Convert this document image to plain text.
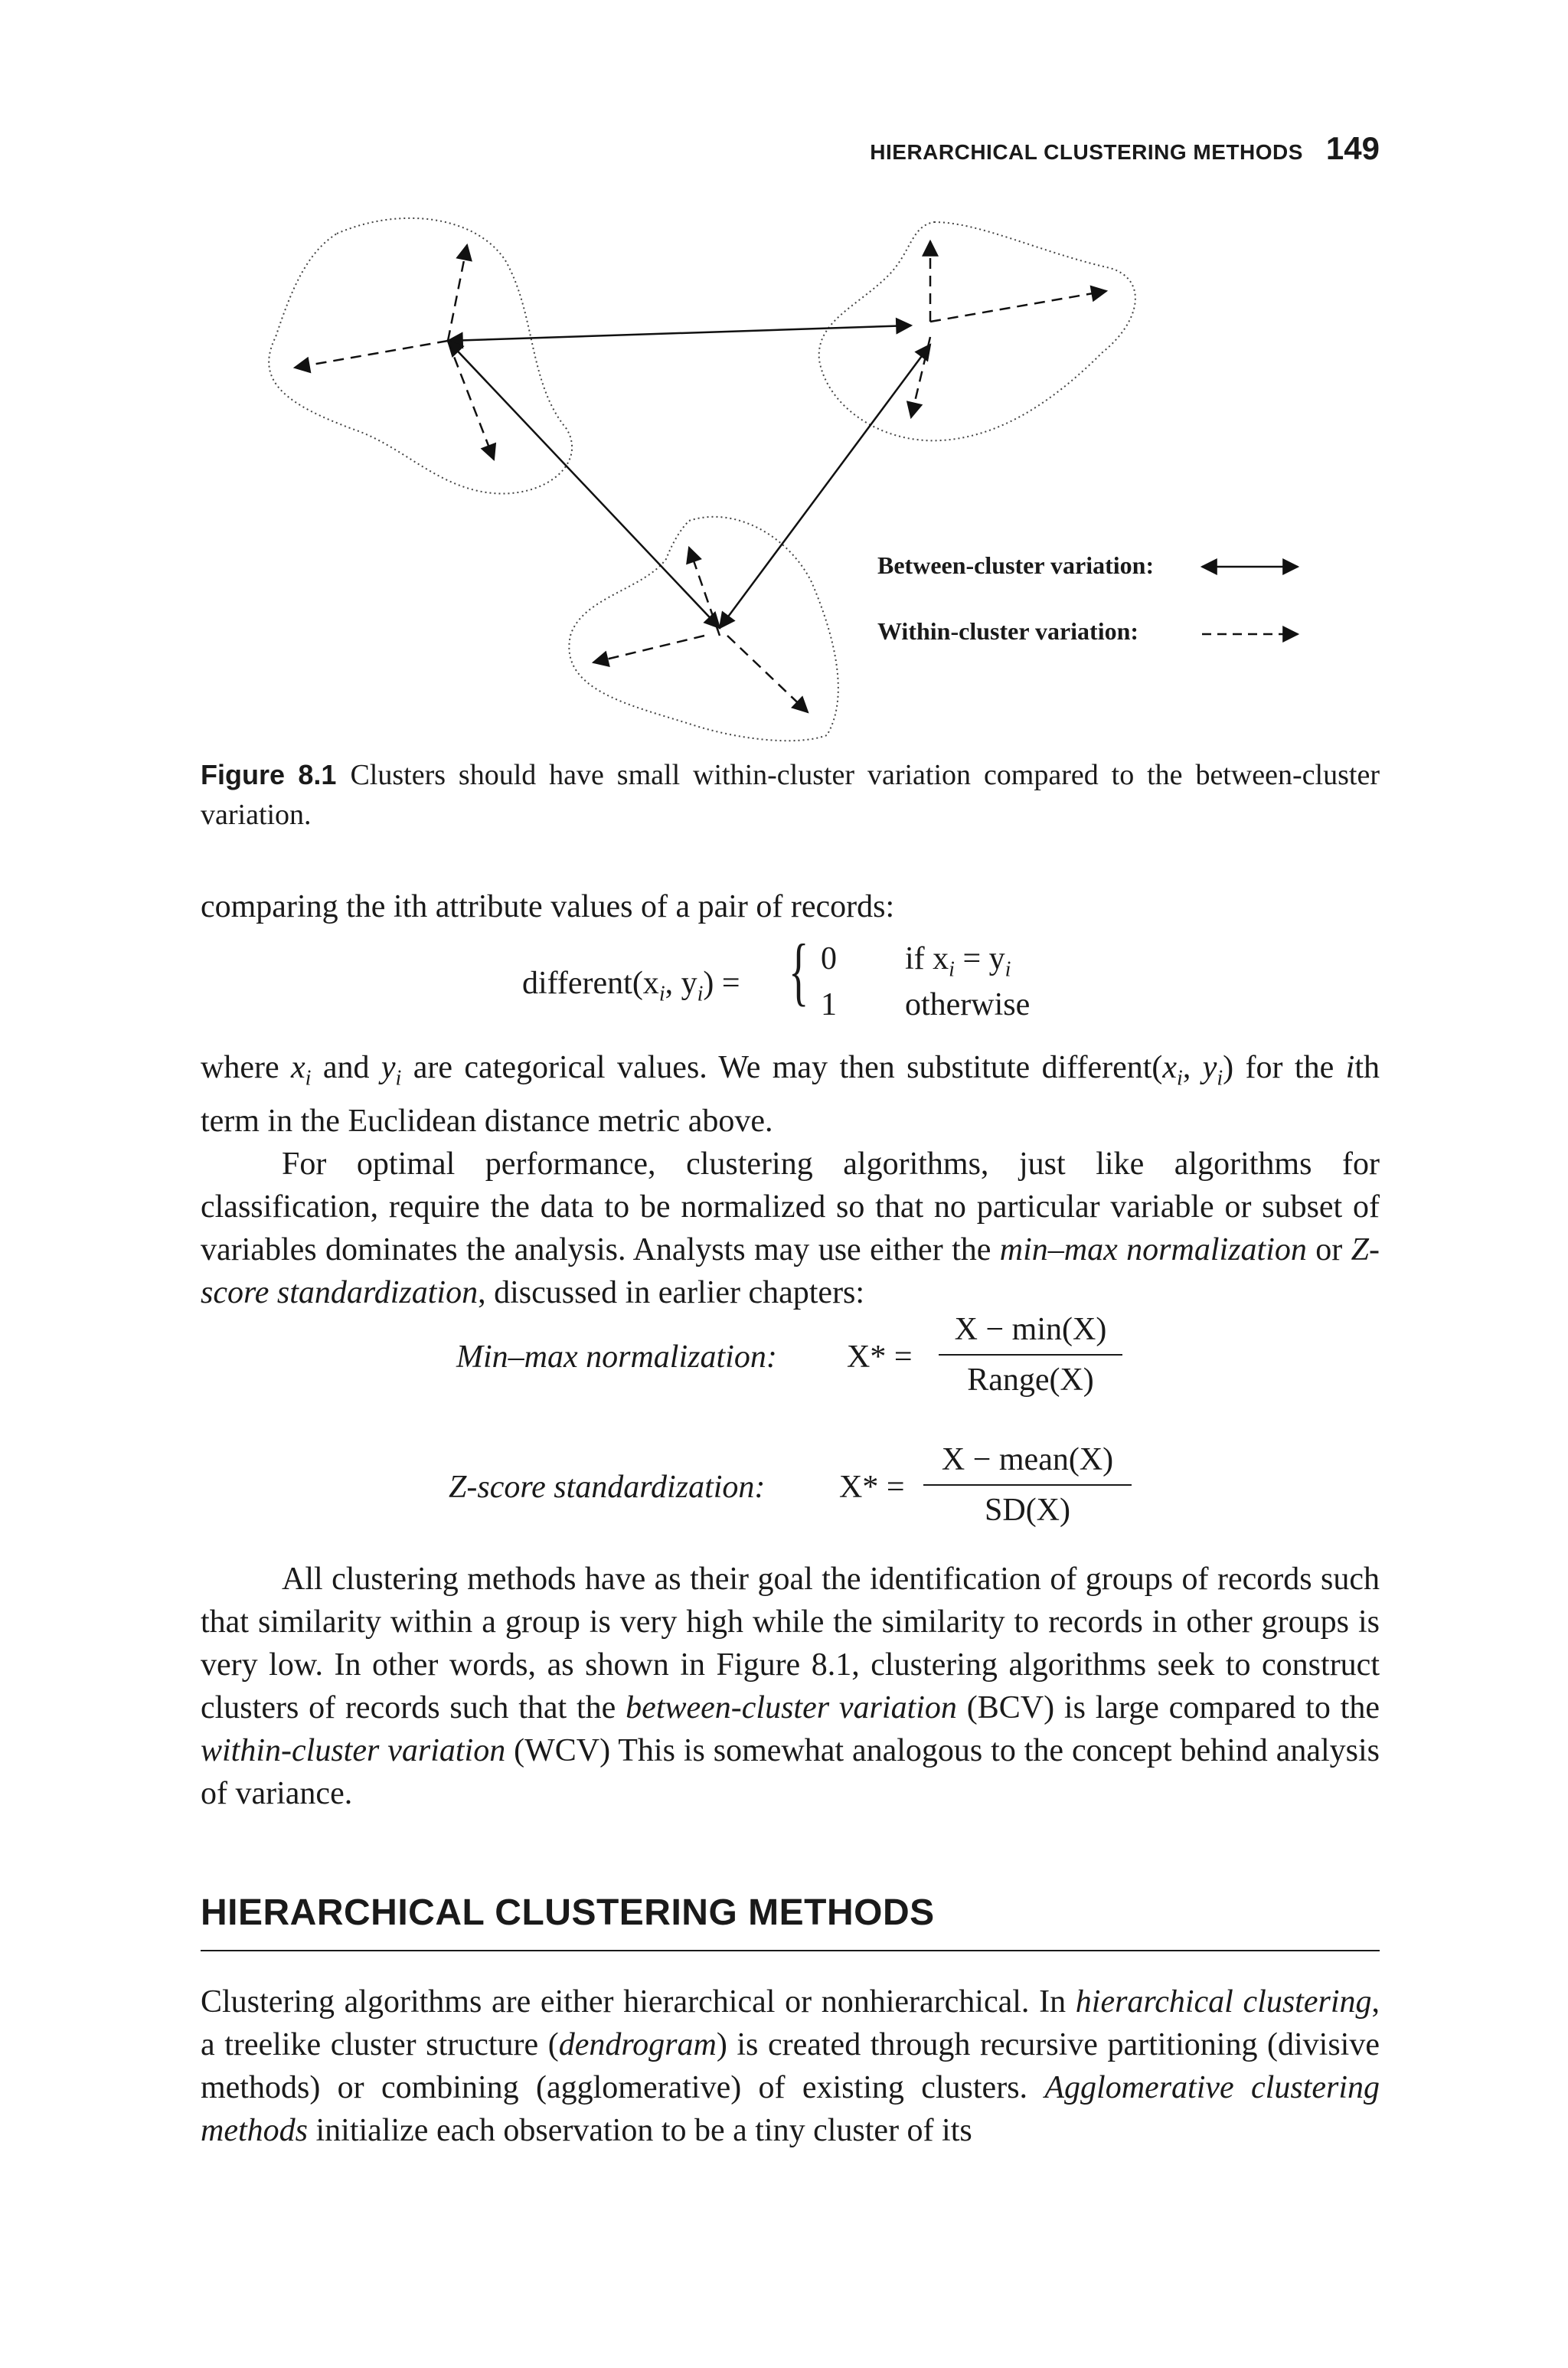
HIERARCHICAL CLUSTERING METHODS 149
Between-cluster variation:
Within-cluster variation:
Figure 8.1 Clusters should have small within-cluster variation compared to the between-cluster variation.

comparing the ith attribute values of a pair of records:

$different(x_i$, $y_i$) = { 0 if $x_i = y_i$
1 otherwise

where $x_i$ and $y_i$ are categorical values. We may then substitute $different(x_i$, $y_i$) for the ith term in the Euclidean distance metric above.

For optimal performance, clustering algorithms, just like algorithms for classification, require the data to be normalized so that no particular variable or subset of variables dominates the analysis. Analysts may use either the min–max normalization or Z-score standardization, discussed in earlier chapters:

Min–max normalization: X* =
X − min(X)
Range(X)
Z-score standardization: X* =
X − mean(X)
SD(X)

All clustering methods have as their goal the identification of groups of records such that similarity within a group is very high while the similarity to records in other groups is very low. In other words, as shown in Figure 8.1, clustering algorithms seek to construct clusters of records such that the between-cluster variation (BCV) is large compared to the within-cluster variation (WCV) This is somewhat analogous to the concept behind analysis of variance.

HIERARCHICAL CLUSTERING METHODS

Clustering algorithms are either hierarchical or nonhierarchical. In hierarchical clustering, a treelike cluster structure (dendrogram) is created through recursive partitioning (divisive methods) or combining (agglomerative) of existing clusters. Agglomerative clustering methods initialize each observation to be a tiny cluster of its
